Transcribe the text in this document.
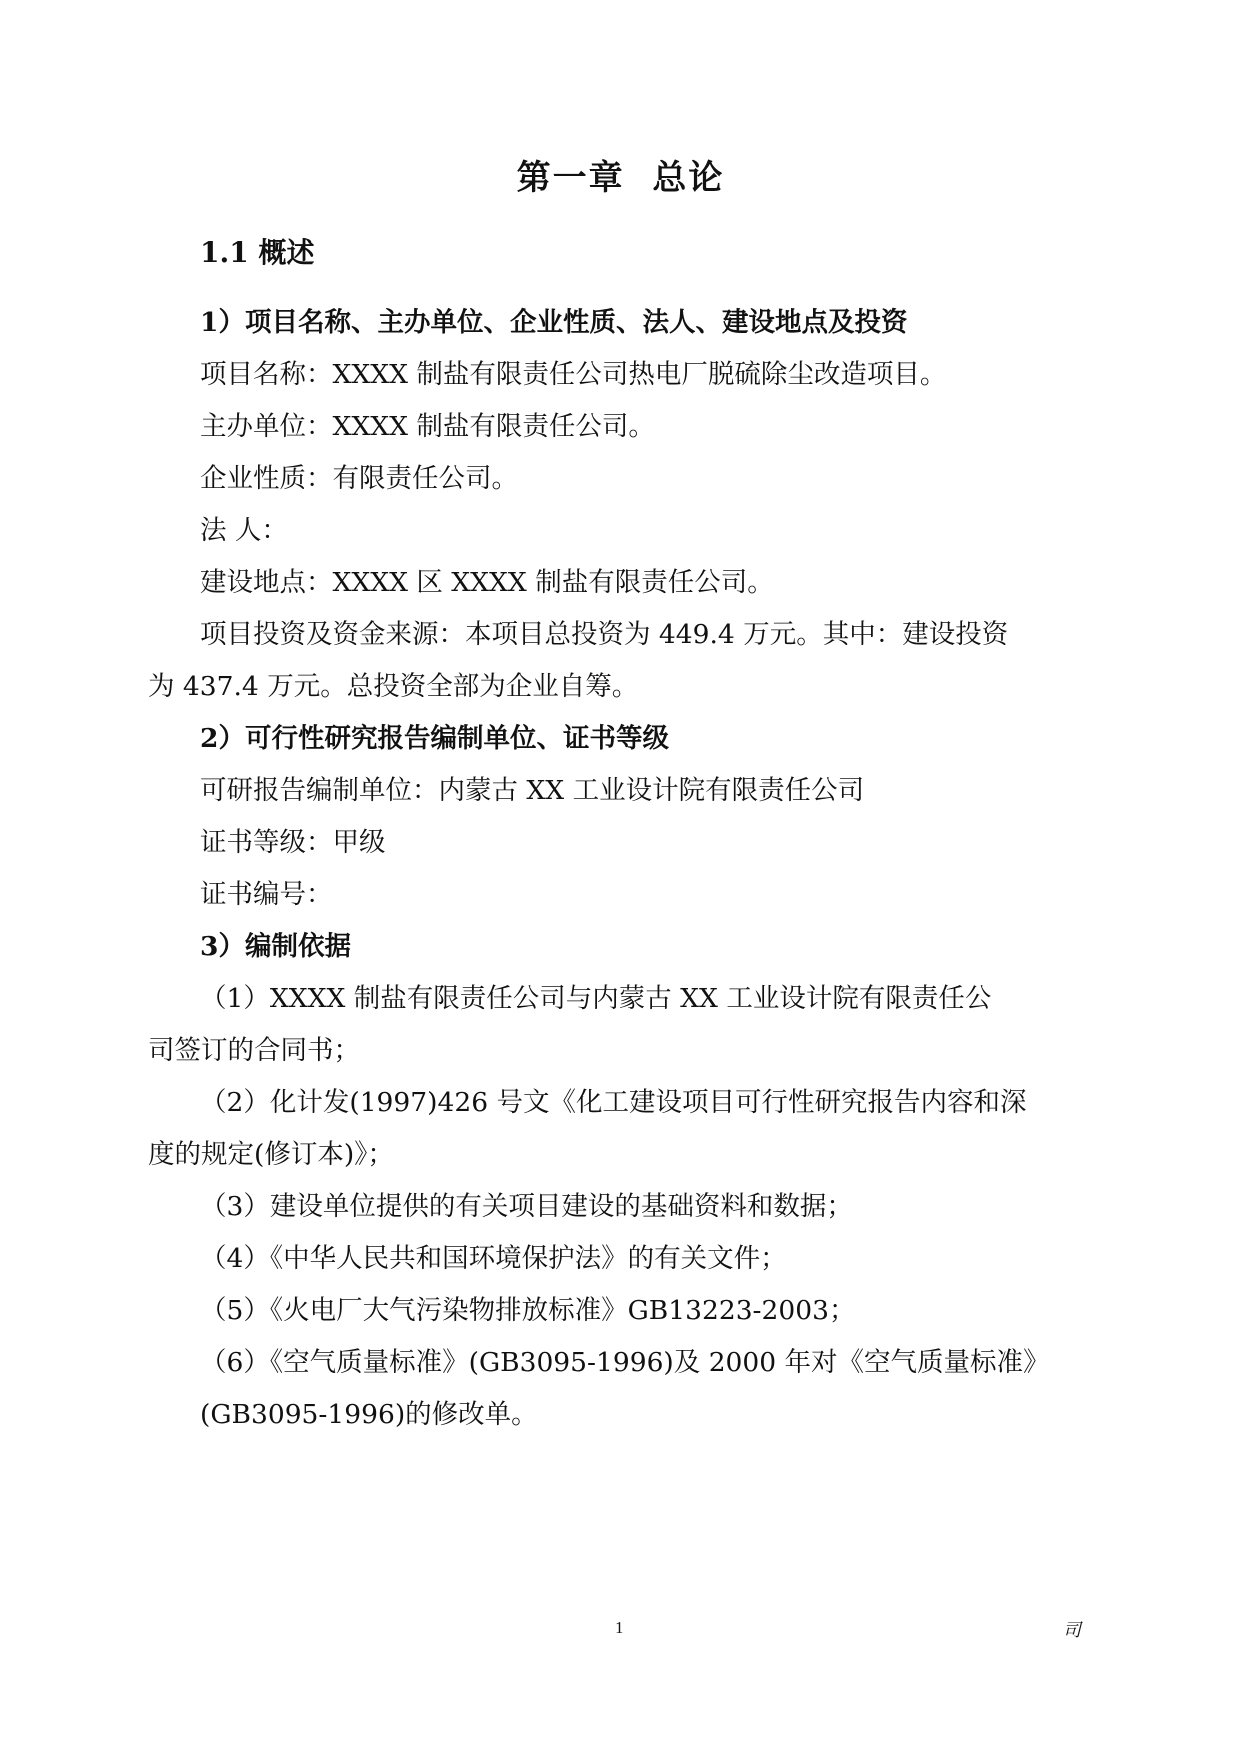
第一章  总论
1.1 概述
1）项目名称、主办单位、企业性质、法人、建设地点及投资
项目名称：XXXX 制盐有限责任公司热电厂脱硫除尘改造项目。
主办单位：XXXX 制盐有限责任公司。
企业性质：有限责任公司。
法 人：
建设地点：XXXX 区 XXXX 制盐有限责任公司。
项目投资及资金来源：本项目总投资为 449.4 万元。其中：建设投资
为 437.4 万元。总投资全部为企业自筹。
2）可行性研究报告编制单位、证书等级
可研报告编制单位：内蒙古 XX 工业设计院有限责任公司
证书等级：甲级
证书编号：
3）编制依据
（1）XXXX 制盐有限责任公司与内蒙古 XX 工业设计院有限责任公
司签订的合同书；
（2）化计发(1997)426 号文《化工建设项目可行性研究报告内容和深
度的规定(修订本)》；
（3）建设单位提供的有关项目建设的基础资料和数据；
（4）《中华人民共和国环境保护法》的有关文件；
（5）《火电厂大气污染物排放标准》GB13223-2003；
（6）《空气质量标准》(GB3095-1996)及 2000 年对《空气质量标准》
(GB3095-1996)的修改单。
1	司
